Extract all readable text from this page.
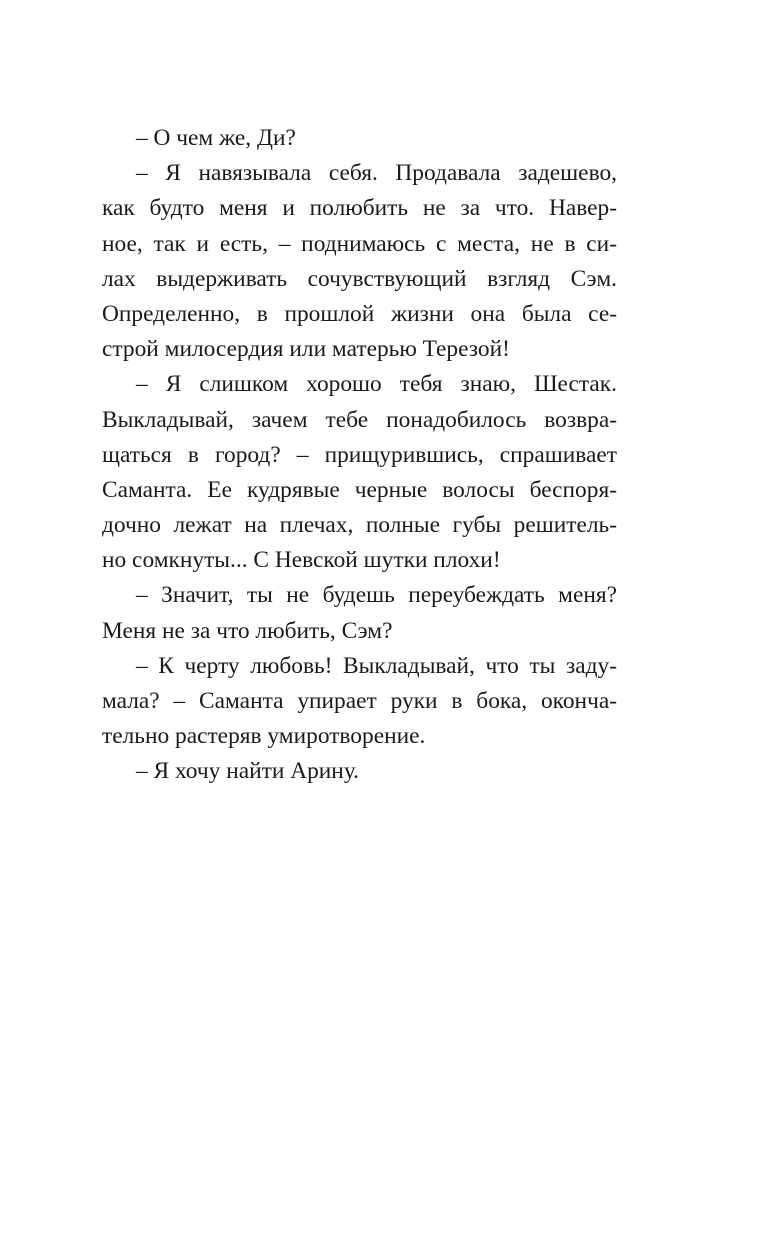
– О чем же, Ди?
– Я навязывала себя. Продавала задешево,
как будто меня и полюбить не за что. Навер-
ное, так и есть, – поднимаюсь с места, не в си-
лах выдерживать сочувствующий взгляд Сэм.
Определенно, в прошлой жизни она была се-
строй милосердия или матерью Терезой!
– Я слишком хорошо тебя знаю, Шестак.
Выкладывай, зачем тебе понадобилось возвра-
щаться в город? – прищурившись, спрашивает
Саманта. Ее кудрявые черные волосы беспоря-
дочно лежат на плечах, полные губы решитель-
но сомкнуты... С Невской шутки плохи!
– Значит, ты не будешь переубеждать меня?
Меня не за что любить, Сэм?
– К черту любовь! Выкладывай, что ты заду-
мала? – Саманта упирает руки в бока, оконча-
тельно растеряв умиротворение.
– Я хочу найти Арину.
